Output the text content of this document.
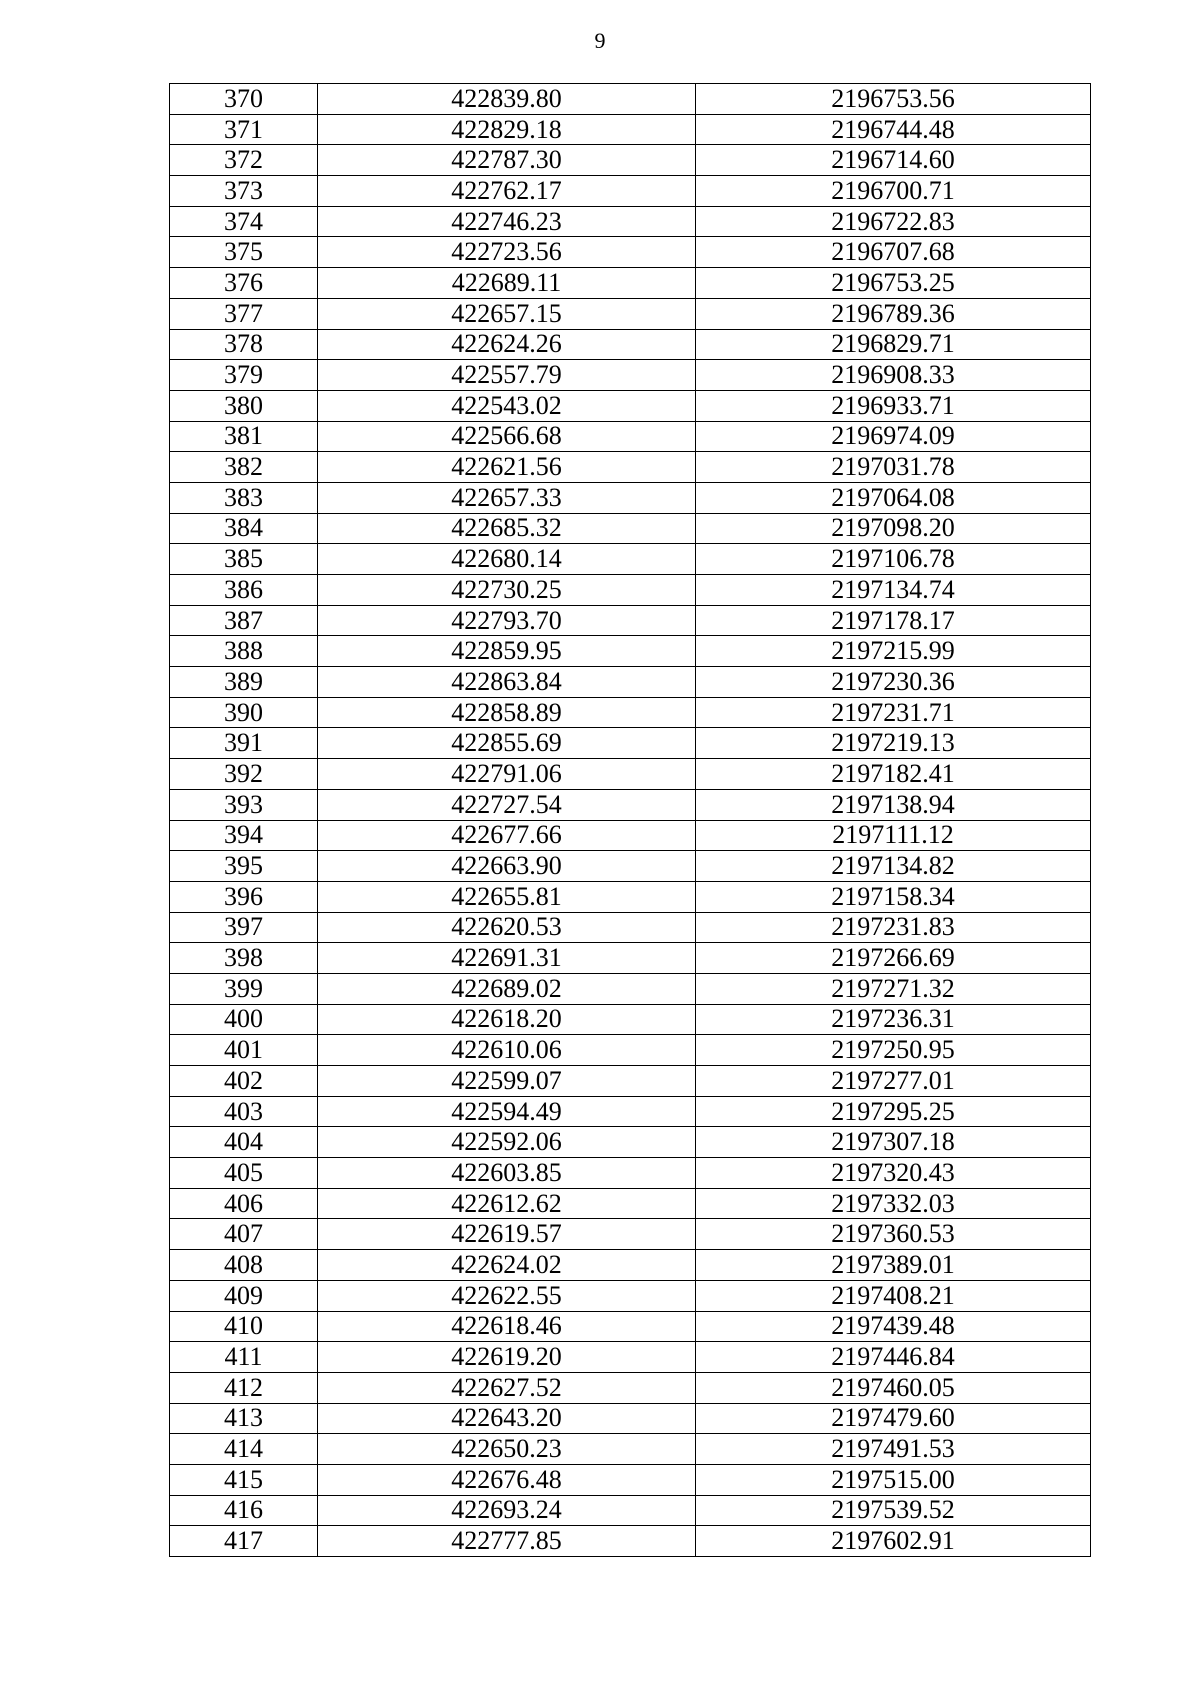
9
370	422839.80	2196753.56
371	422829.18	2196744.48
372	422787.30	2196714.60
373	422762.17	2196700.71
374	422746.23	2196722.83
375	422723.56	2196707.68
376	422689.11	2196753.25
377	422657.15	2196789.36
378	422624.26	2196829.71
379	422557.79	2196908.33
380	422543.02	2196933.71
381	422566.68	2196974.09
382	422621.56	2197031.78
383	422657.33	2197064.08
384	422685.32	2197098.20
385	422680.14	2197106.78
386	422730.25	2197134.74
387	422793.70	2197178.17
388	422859.95	2197215.99
389	422863.84	2197230.36
390	422858.89	2197231.71
391	422855.69	2197219.13
392	422791.06	2197182.41
393	422727.54	2197138.94
394	422677.66	2197111.12
395	422663.90	2197134.82
396	422655.81	2197158.34
397	422620.53	2197231.83
398	422691.31	2197266.69
399	422689.02	2197271.32
400	422618.20	2197236.31
401	422610.06	2197250.95
402	422599.07	2197277.01
403	422594.49	2197295.25
404	422592.06	2197307.18
405	422603.85	2197320.43
406	422612.62	2197332.03
407	422619.57	2197360.53
408	422624.02	2197389.01
409	422622.55	2197408.21
410	422618.46	2197439.48
411	422619.20	2197446.84
412	422627.52	2197460.05
413	422643.20	2197479.60
414	422650.23	2197491.53
415	422676.48	2197515.00
416	422693.24	2197539.52
417	422777.85	2197602.91
